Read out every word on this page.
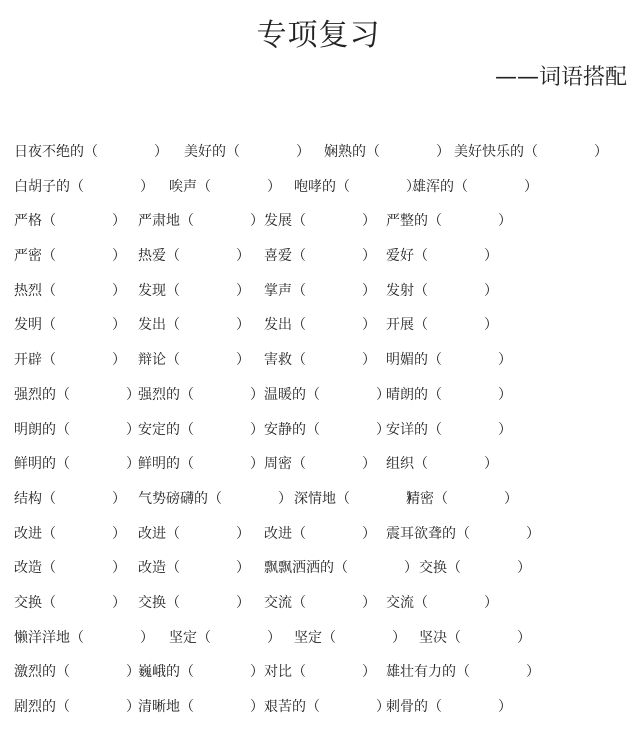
专项复习
——词语搭配
日夜不绝的（　　　　） 美好的（　　　　） 娴熟的（　　　　） 美好快乐的（　　　　）
白胡子的（　　　　） 唉声（　　　　） 咆哮的（　　　　）
雄浑的（　　　　）
严格（　　　　） 严肃地（　　　　） 发展（　　　　） 严整的（　　　　）
严密（　　　　） 热爱（　　　　） 喜爱（　　　　） 爱好（　　　　）
热烈（　　　　） 发现（　　　　） 掌声（　　　　） 发射（　　　　）
发明（　　　　） 发出（　　　　） 发出（　　　　） 开展（　　　　）
开辟（　　　　） 辩论（　　　　） 害救（　　　　） 明媚的（　　　　）
强烈的（　　　　）
强烈的（　　　　） 温暖的（　　　　）
晴朗的（　　　　）
明朗的（　　　　）
安定的（　　　　） 安静的（　　　　）
安详的（　　　　）
鲜明的（　　　　）
鲜明的（　　　　） 周密（　　　　） 组织（　　　　）
结构（　　　　） 气势磅礴的（　　　　） 深情地（　　　　）
精密（　　　　）
改进（　　　　） 改进（　　　　） 改进（　　　　） 震耳欲聋的（　　　　）
改造（　　　　） 改造（　　　　） 飘飘洒洒的（　　　　） 交换（　　　　）
交换（　　　　） 交换（　　　　） 交流（　　　　） 交流（　　　　）
懒洋洋地（　　　　） 坚定（　　　　） 坚定（　　　　） 坚决（　　　　）
激烈的（　　　　）
巍峨的（　　　　） 对比（　　　　） 雄壮有力的（　　　　）
剧烈的（　　　　）
清晰地（　　　　） 艰苦的（　　　　）
刺骨的（　　　　）
